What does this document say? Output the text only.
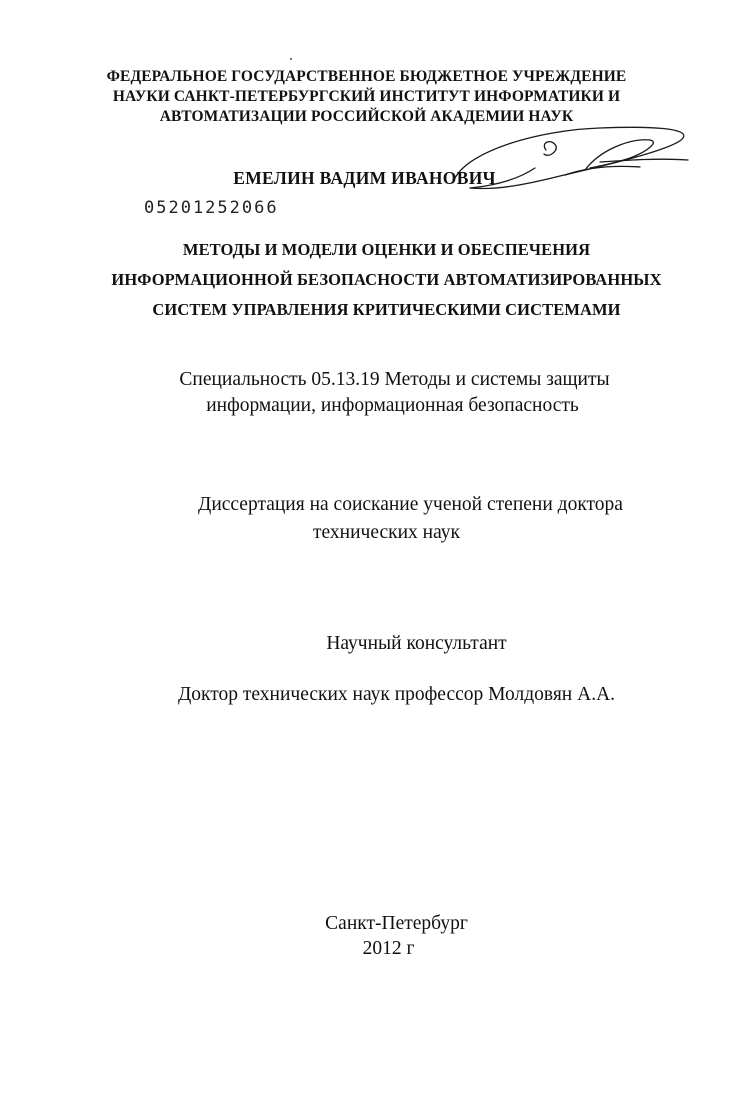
ФЕДЕРАЛЬНОЕ ГОСУДАРСТВЕННОЕ БЮДЖЕТНОЕ УЧРЕЖДЕНИЕ
НАУКИ САНКТ-ПЕТЕРБУРГСКИЙ ИНСТИТУТ ИНФОРМАТИКИ И
АВТОМАТИЗАЦИИ РОССИЙСКОЙ АКАДЕМИИ НАУК
ЕМЕЛИН ВАДИМ ИВАНОВИЧ
05201252066
МЕТОДЫ И МОДЕЛИ ОЦЕНКИ И ОБЕСПЕЧЕНИЯ
ИНФОРМАЦИОННОЙ БЕЗОПАСНОСТИ АВТОМАТИЗИРОВАННЫХ
СИСТЕМ УПРАВЛЕНИЯ КРИТИЧЕСКИМИ СИСТЕМАМИ
Специальность 05.13.19 Методы и системы защиты
информации, информационная безопасность
Диссертация на соискание ученой степени доктора
технических наук
Научный консультант
Доктор технических наук профессор Молдовян А.А.
Санкт-Петербург
2012 г
